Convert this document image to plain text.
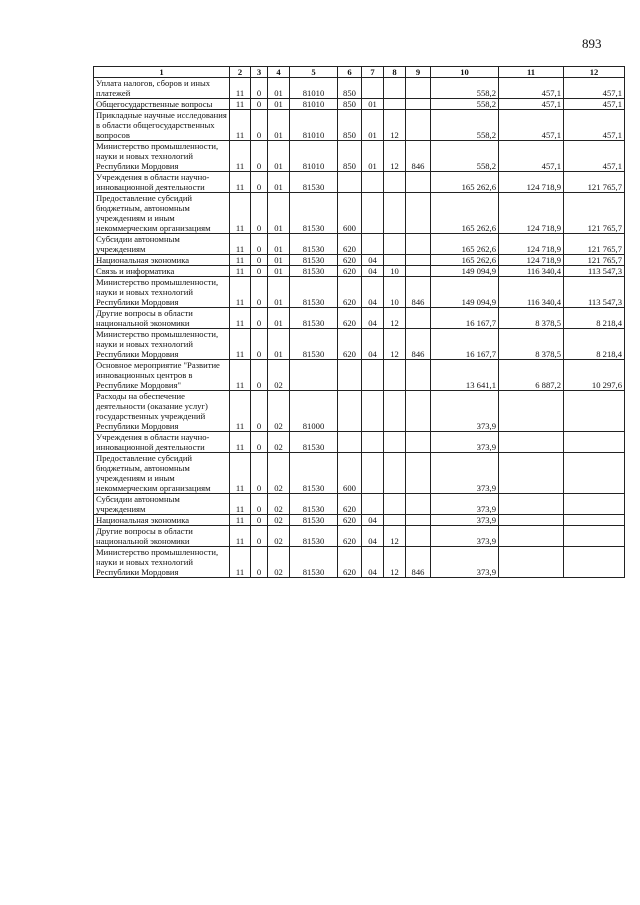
893
1	2	3	4	5	6	7	8	9	10	11	12
Уплата налогов, сборов и иных платежей	11	0	01	81010	850				558,2	457,1	457,1
Общегосударственные вопросы	11	0	01	81010	850	01			558,2	457,1	457,1
Прикладные научные исследования в области общегосударственных вопросов	11	0	01	81010	850	01	12		558,2	457,1	457,1
Министерство промышленности, науки и новых технологий Республики Мордовия	11	0	01	81010	850	01	12	846	558,2	457,1	457,1
Учреждения в области научно-инновационной деятельности	11	0	01	81530					165 262,6	124 718,9	121 765,7
Предоставление субсидий бюджетным, автономным учреждениям и иным некоммерческим организациям	11	0	01	81530	600				165 262,6	124 718,9	121 765,7
Субсидии автономным учреждениям	11	0	01	81530	620				165 262,6	124 718,9	121 765,7
Национальная экономика	11	0	01	81530	620	04			165 262,6	124 718,9	121 765,7
Связь и информатика	11	0	01	81530	620	04	10		149 094,9	116 340,4	113 547,3
Министерство промышленности, науки и новых технологий Республики Мордовия	11	0	01	81530	620	04	10	846	149 094,9	116 340,4	113 547,3
Другие вопросы в области национальной экономики	11	0	01	81530	620	04	12		16 167,7	8 378,5	8 218,4
Министерство промышленности, науки и новых технологий Республики Мордовия	11	0	01	81530	620	04	12	846	16 167,7	8 378,5	8 218,4
Основное мероприятие "Развитие инновационных центров в Республике Мордовия"	11	0	02						13 641,1	6 887,2	10 297,6
Расходы на обеспечение деятельности (оказание услуг) государственных учреждений Республики Мордовия	11	0	02	81000					373,9		
Учреждения в области научно-инновационной деятельности	11	0	02	81530					373,9		
Предоставление субсидий бюджетным, автономным учреждениям и иным некоммерческим организациям	11	0	02	81530	600				373,9		
Субсидии автономным учреждениям	11	0	02	81530	620				373,9		
Национальная экономика	11	0	02	81530	620	04			373,9		
Другие вопросы в области национальной экономики	11	0	02	81530	620	04	12		373,9		
Министерство промышленности, науки и новых технологий Республики Мордовия	11	0	02	81530	620	04	12	846	373,9		
